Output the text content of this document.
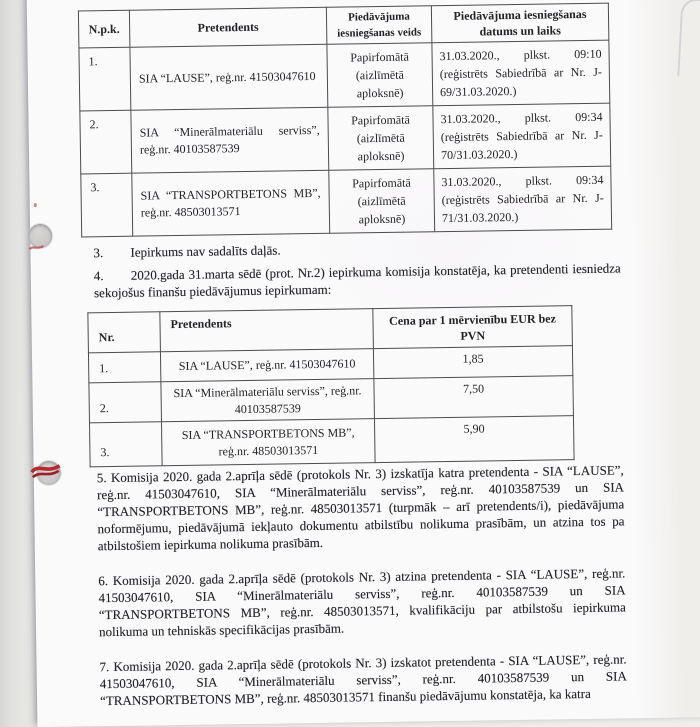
N.p.k.	Pretendents	Piedāvājuma iesniegšanas veids	Piedāvājuma iesniegšanas datums un laiks
1.	SIA “LAUSE”, reģ.nr. 41503047610	Papirfomātā (aizlīmētā aploksnē)	31.03.2020., plkst. 09:10 (reģistrēts Sabiedrībā ar Nr. J-69/31.03.2020.)
2.	SIA “Minerālmateriālu serviss”, reģ.nr. 40103587539	Papirfomātā (aizlīmētā aploksnē)	31.03.2020., plkst. 09:34 (reģistrēts Sabiedrībā ar Nr. J-70/31.03.2020.)
3.	SIA “TRANSPORTBETONS MB”, reģ.nr. 48503013571	Papirfomātā (aizlīmētā aploksnē)	31.03.2020., plkst. 09:34 (reģistrēts Sabiedrībā ar Nr. J-71/31.03.2020.)
3. Iepirkums nav sadalīts daļās.
4. 2020.gada 31.marta sēdē (prot. Nr.2) iepirkuma komisija konstatēja, ka pretendenti iesniedza sekojošus finanšu piedāvājumus iepirkumam:
Nr.	Pretendents	Cena par 1 mērvienību EUR bez PVN
1.	SIA “LAUSE”, reģ.nr. 41503047610	1,85
2.	SIA “Minerālmateriālu serviss”, reģ.nr. 40103587539	7,50
3.	SIA “TRANSPORTBETONS MB”, reģ.nr. 48503013571	5,90
5. Komisija 2020. gada 2.aprīļa sēdē (protokols Nr. 3) izskatīja katra pretendenta - SIA “LAUSE”, reģ.nr. 41503047610, SIA “Minerālmateriālu serviss”, reģ.nr. 40103587539 un SIA “TRANSPORTBETONS MB”, reģ.nr. 48503013571 (turpmāk – arī pretendents/i), piedāvājuma noformējumu, piedāvājumā iekļauto dokumentu atbilstību nolikuma prasībām, un atzina tos pa atbilstošiem iepirkuma nolikuma prasībām.
6. Komisija 2020. gada 2.aprīļa sēdē (protokols Nr. 3) atzina pretendenta - SIA “LAUSE”, reģ.nr. 41503047610, SIA “Minerālmateriālu serviss”, reģ.nr. 40103587539 un SIA “TRANSPORTBETONS MB”, reģ.nr. 48503013571, kvalifikāciju par atbilstošu iepirkuma nolikuma un tehniskās specifikācijas prasībām.
7. Komisija 2020. gada 2.aprīļa sēdē (protokols Nr. 3) izskatot pretendenta - SIA “LAUSE”, reģ.nr. 41503047610, SIA “Minerālmateriālu serviss”, reģ.nr. 40103587539 un SIA “TRANSPORTBETONS MB”, reģ.nr. 48503013571 finanšu piedāvājumu konstatēja, ka katra
